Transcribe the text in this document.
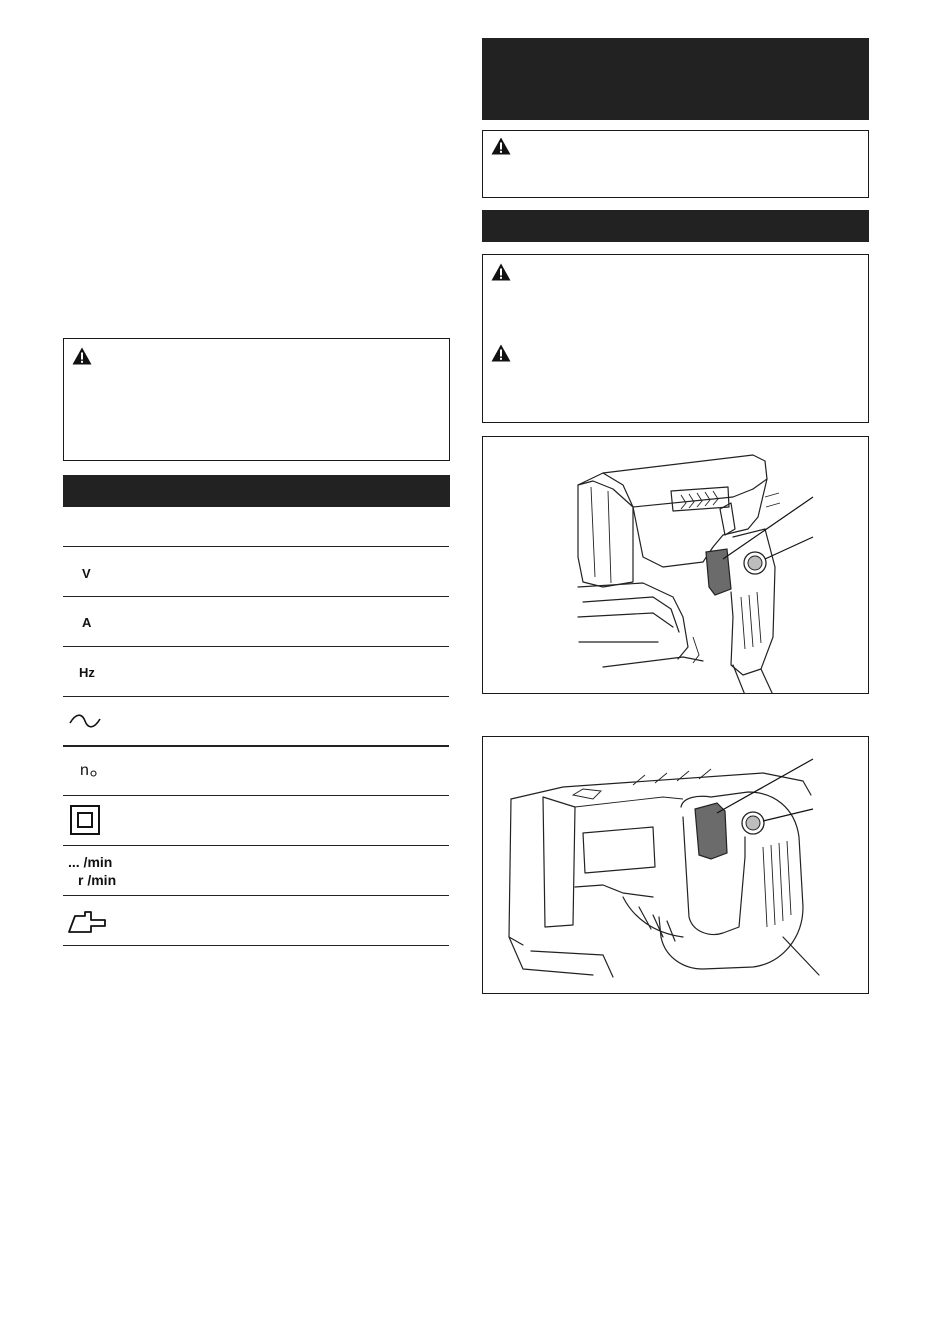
V
A
Hz
n
... /min
r /min
